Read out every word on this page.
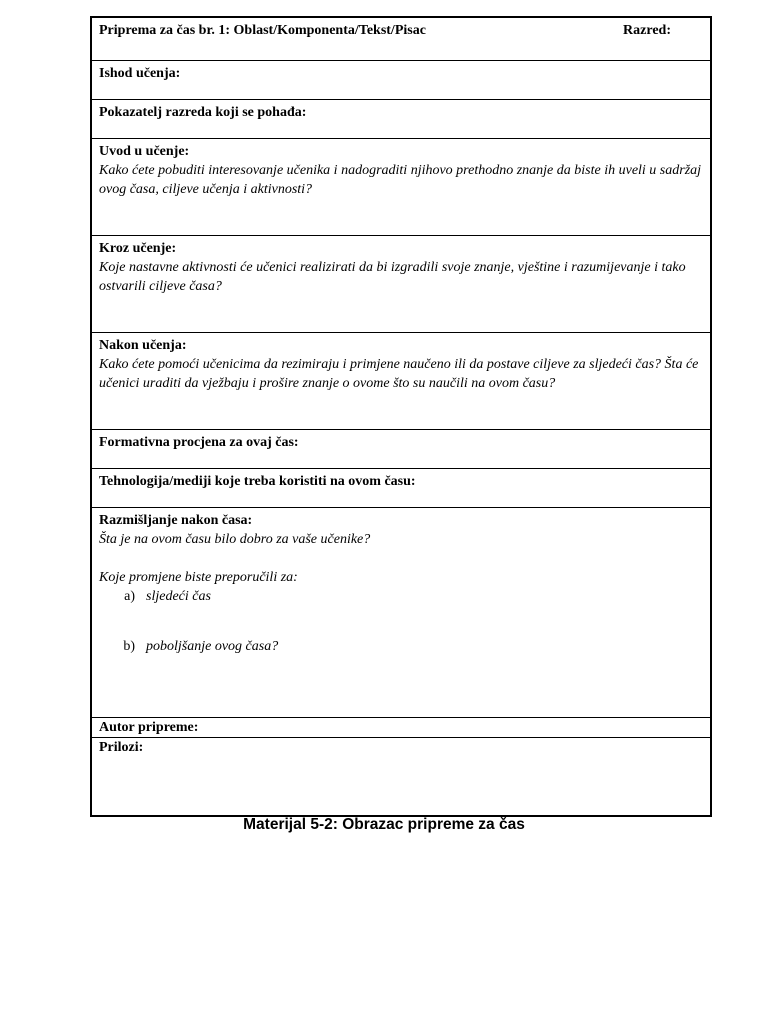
Priprema za čas br. 1: Oblast/Komponenta/Tekst/Pisac	Razred:
Ishod učenja:
Pokazatelj razreda koji se pohađa:
Uvod u učenje:
Kako ćete pobuditi interesovanje učenika i nadograditi njihovo prethodno znanje da biste ih uveli u sadržaj ovog časa, ciljeve učenja i aktivnosti?
Kroz učenje:
Koje nastavne aktivnosti će učenici realizirati da bi izgradili svoje znanje, vještine i razumijevanje i tako ostvarili ciljeve časa?
Nakon učenja:
Kako ćete pomoći učenicima da rezimiraju i primjene naučeno ili da postave ciljeve za sljedeći čas? Šta će učenici uraditi da vježbaju i prošire znanje o ovome što su naučili na ovom času?
Formativna procjena za ovaj čas:
Tehnologija/mediji koje treba koristiti na ovom času:
Razmišljanje nakon časa:
Šta je na ovom času bilo dobro za vaše učenike?
Koje promjene biste preporučili za:
a) sljedeći čas
b) poboljšanje ovog časa?
Autor pripreme:
Prilozi:
Materijal 5-2: Obrazac pripreme za čas
